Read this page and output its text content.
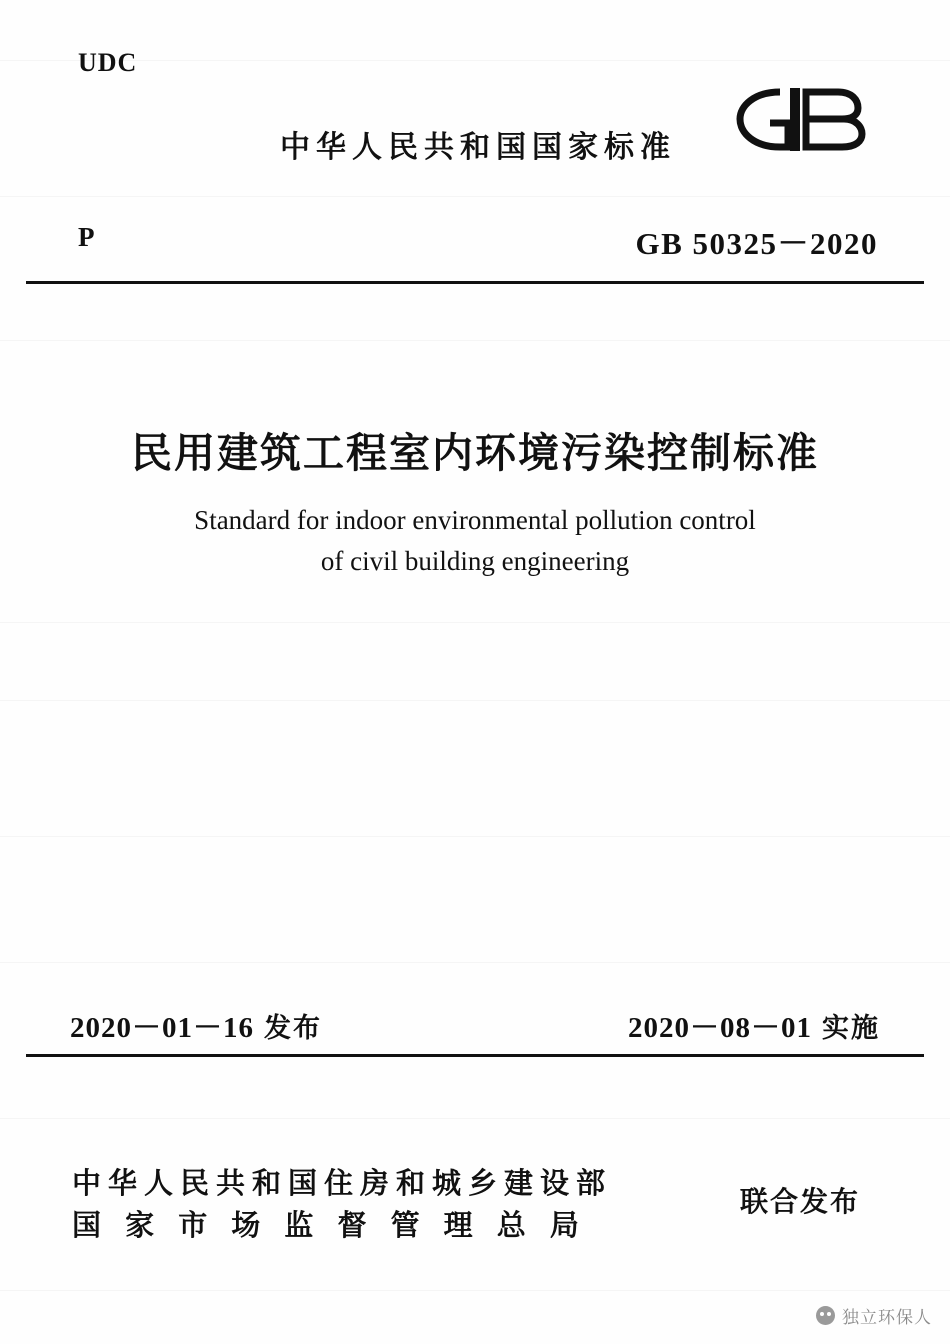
UDC
中华人民共和国国家标准
P	GB 50325－2020
民用建筑工程室内环境污染控制标准
Standard for indoor environmental pollution control
of civil building engineering
2020－01－16 发布	2020－08－01 实施
中华人民共和国住房和城乡建设部
国 家 市 场 监 督 管 理 总 局
联合发布
独立环保人
